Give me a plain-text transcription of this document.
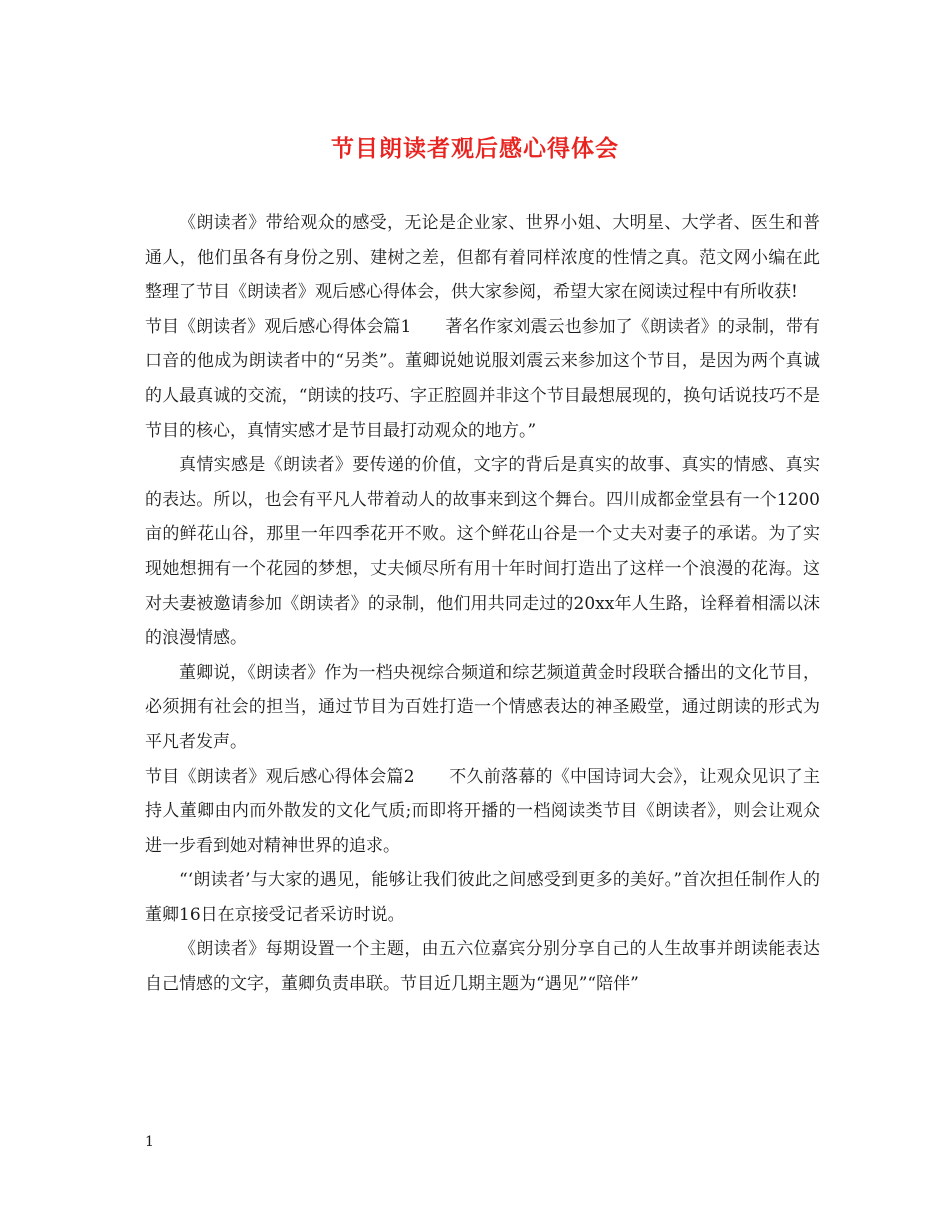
节目朗读者观后感心得体会

《朗读者》带给观众的感受，无论是企业家、世界小姐、大明星、大学者、医生和普通人，他们虽各有身份之别、建树之差，但都有着同样浓度的性情之真。范文网小编在此整理了节目《朗读者》观后感心得体会，供大家参阅，希望大家在阅读过程中有所收获!

节目《朗读者》观后感心得体会篇1　　著名作家刘震云也参加了《朗读者》的录制，带有口音的他成为朗读者中的“另类”。董卿说她说服刘震云来参加这个节目，是因为两个真诚的人最真诚的交流，“朗读的技巧、字正腔圆并非这个节目最想展现的，换句话说技巧不是节目的核心，真情实感才是节目最打动观众的地方。”

真情实感是《朗读者》要传递的价值，文字的背后是真实的故事、真实的情感、真实的表达。所以，也会有平凡人带着动人的故事来到这个舞台。四川成都金堂县有一个1200亩的鲜花山谷，那里一年四季花开不败。这个鲜花山谷是一个丈夫对妻子的承诺。为了实现她想拥有一个花园的梦想，丈夫倾尽所有用十年时间打造出了这样一个浪漫的花海。这对夫妻被邀请参加《朗读者》的录制，他们用共同走过的20xx年人生路，诠释着相濡以沫的浪漫情感。

董卿说，《朗读者》作为一档央视综合频道和综艺频道黄金时段联合播出的文化节目，必须拥有社会的担当，通过节目为百姓打造一个情感表达的神圣殿堂，通过朗读的形式为平凡者发声。

节目《朗读者》观后感心得体会篇2　　不久前落幕的《中国诗词大会》，让观众见识了主持人董卿由内而外散发的文化气质;而即将开播的一档阅读类节目《朗读者》，则会让观众进一步看到她对精神世界的追求。

“‘朗读者’与大家的遇见，能够让我们彼此之间感受到更多的美好。”首次担任制作人的董卿16日在京接受记者采访时说。

《朗读者》每期设置一个主题，由五六位嘉宾分别分享自己的人生故事并朗读能表达自己情感的文字，董卿负责串联。节目近几期主题为“遇见”“陪伴”

1
